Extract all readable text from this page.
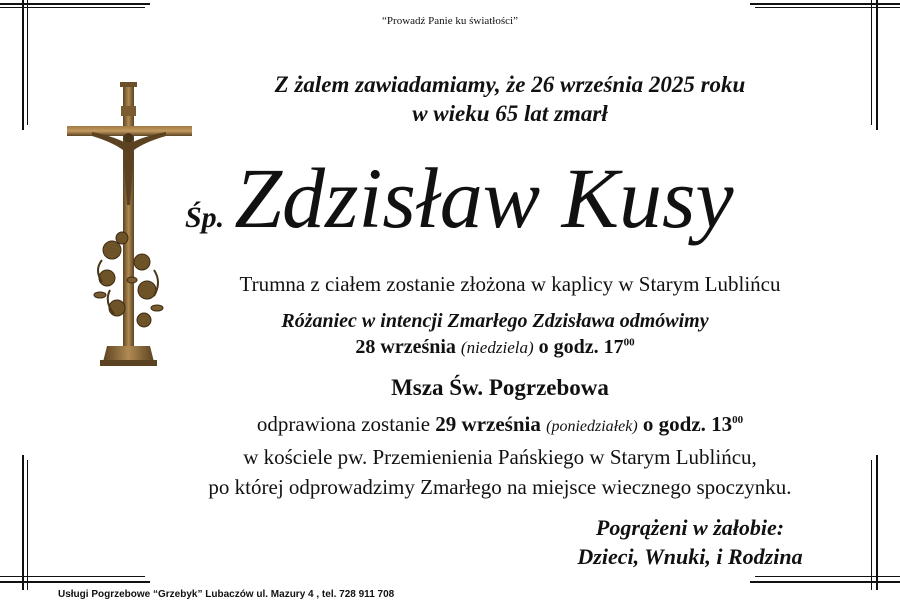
“Prowadź Panie ku światłości”
Z żalem zawiadamiamy, że 26 września 2025 roku
w wieku 65 lat zmarł
Śp. Zdzisław Kusy
Trumna z ciałem zostanie złożona w kaplicy w Starym Lublińcu
Różaniec w intencji Zmarłego Zdzisława odmówimy
28 września (niedziela) o godz. $17^{00}$
Msza Św. Pogrzebowa
odprawiona zostanie 29 września (poniedziałek) o godz. $13^{00}$
w kościele pw. Przemienienia Pańskiego w Starym Lublińcu,
po której odprowadzimy Zmarłego na miejsce wiecznego spoczynku.
Pogrążeni w żałobie:
Dzieci, Wnuki, i Rodzina
Usługi Pogrzebowe “Grzebyk” Lubaczów ul. Mazury 4 , tel. 728 911 708
